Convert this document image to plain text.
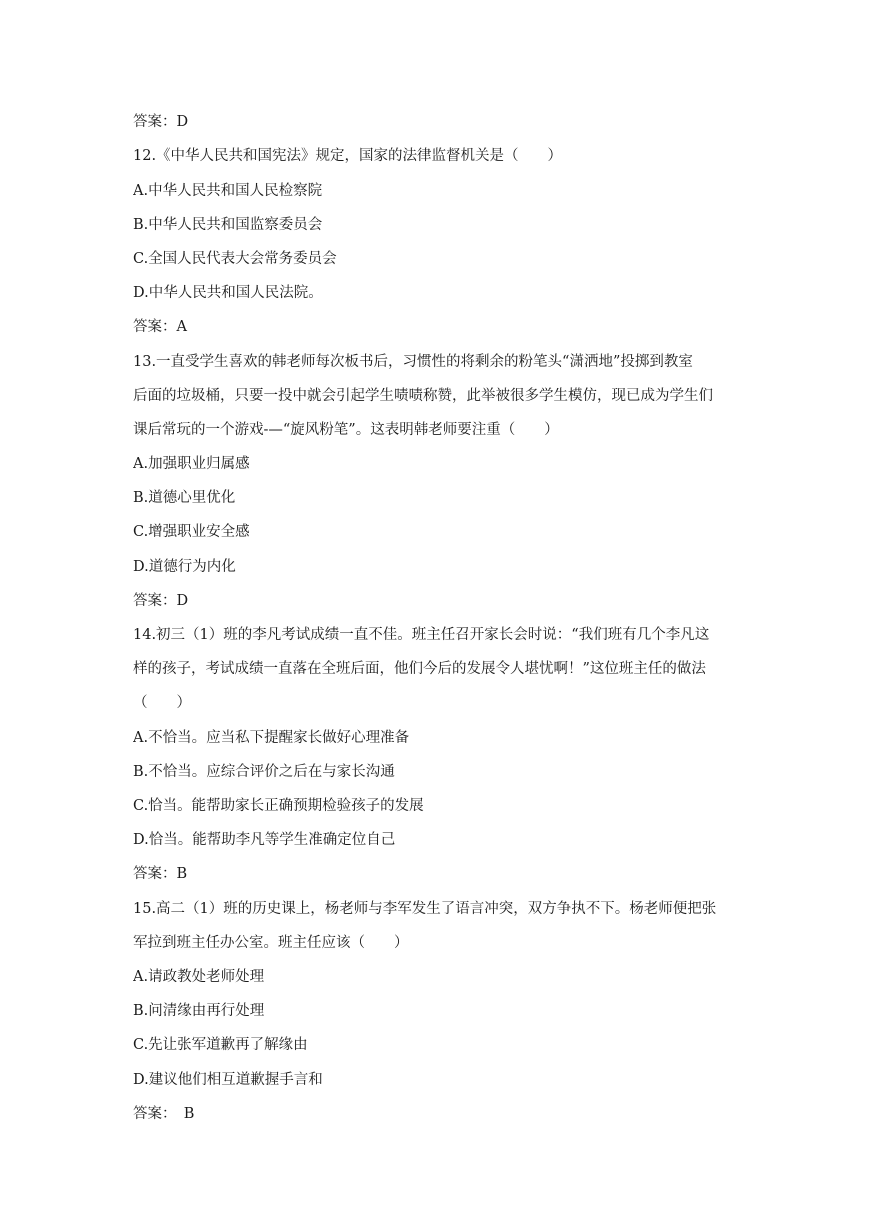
答案：D
12.《中华人民共和国宪法》规定，国家的法律监督机关是（　　）
A.中华人民共和国人民检察院
B.中华人民共和国监察委员会
C.全国人民代表大会常务委员会
D.中华人民共和国人民法院。
答案：A
13.一直受学生喜欢的韩老师每次板书后，习惯性的将剩余的粉笔头“潇洒地”投掷到教室
后面的垃圾桶，只要一投中就会引起学生啧啧称赞，此举被很多学生模仿，现已成为学生们
课后常玩的一个游戏-—“旋风粉笔”。这表明韩老师要注重（　　）
A.加强职业归属感
B.道德心里优化
C.增强职业安全感
D.道德行为内化
答案：D
14.初三（1）班的李凡考试成绩一直不佳。班主任召开家长会时说：“我们班有几个李凡这
样的孩子，考试成绩一直落在全班后面，他们今后的发展令人堪忧啊！”这位班主任的做法
（　　）
A.不恰当。应当私下提醒家长做好心理准备
B.不恰当。应综合评价之后在与家长沟通
C.恰当。能帮助家长正确预期检验孩子的发展
D.恰当。能帮助李凡等学生准确定位自己
答案：B
15.高二（1）班的历史课上，杨老师与李军发生了语言冲突，双方争执不下。杨老师便把张
军拉到班主任办公室。班主任应该（　　）
A.请政教处老师处理
B.问清缘由再行处理
C.先让张军道歉再了解缘由
D.建议他们相互道歉握手言和
答案：　B
